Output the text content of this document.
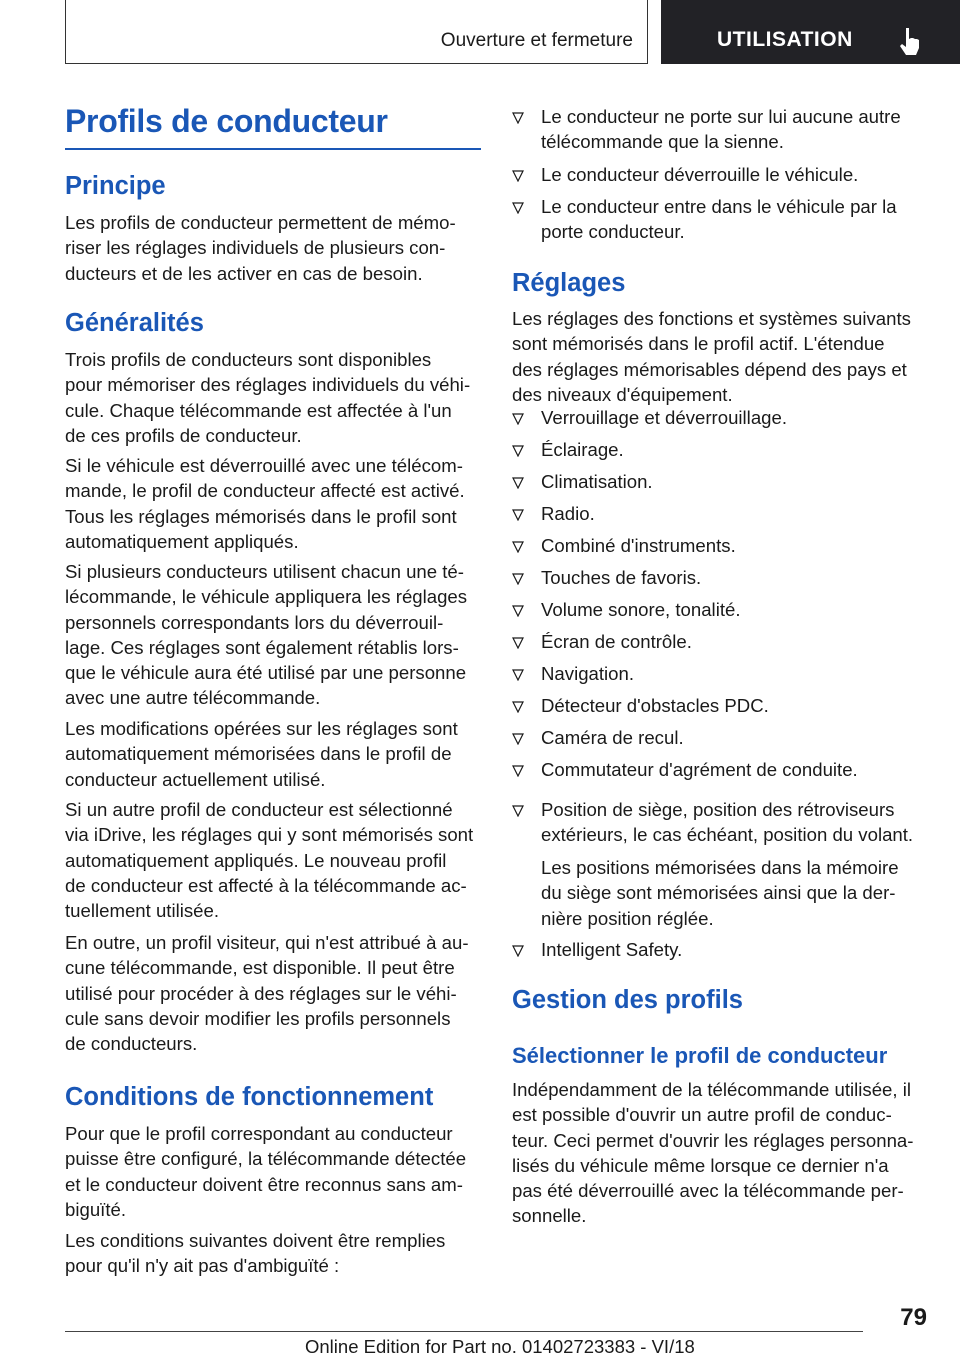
Ouverture et fermeture	UTILISATION
Profils de conducteur
Principe

Les profils de conducteur permettent de mémo‐
riser les réglages individuels de plusieurs con‐
ducteurs et de les activer en cas de besoin.

Généralités

Trois profils de conducteurs sont disponibles
pour mémoriser des réglages individuels du véhi‐
cule. Chaque télécommande est affectée à l'un
de ces profils de conducteur.

Si le véhicule est déverrouillé avec une télécom‐
mande, le profil de conducteur affecté est activé.
Tous les réglages mémorisés dans le profil sont
automatiquement appliqués.

Si plusieurs conducteurs utilisent chacun une té‐
lécommande, le véhicule appliquera les réglages
personnels correspondants lors du déverrouil‐
lage. Ces réglages sont également rétablis lors‐
que le véhicule aura été utilisé par une personne
avec une autre télécommande.

Les modifications opérées sur les réglages sont
automatiquement mémorisées dans le profil de
conducteur actuellement utilisé.

Si un autre profil de conducteur est sélectionné
via iDrive, les réglages qui y sont mémorisés sont
automatiquement appliqués. Le nouveau profil
de conducteur est affecté à la télécommande ac‐
tuellement utilisée.

En outre, un profil visiteur, qui n'est attribué à au‐
cune télécommande, est disponible. Il peut être
utilisé pour procéder à des réglages sur le véhi‐
cule sans devoir modifier les profils personnels
de conducteurs.

Conditions de fonctionnement

Pour que le profil correspondant au conducteur
puisse être configuré, la télécommande détectée
et le conducteur doivent être reconnus sans am‐
biguïté.

Les conditions suivantes doivent être remplies
pour qu'il n'y ait pas d'ambiguïté :

Le conducteur ne porte sur lui aucune autre
télécommande que la sienne.
Le conducteur déverrouille le véhicule.
Le conducteur entre dans le véhicule par la
porte conducteur.
Réglages

Les réglages des fonctions et systèmes suivants
sont mémorisés dans le profil actif. L'étendue
des réglages mémorisables dépend des pays et
des niveaux d'équipement.

Verrouillage et déverrouillage.
Éclairage.
Climatisation.
Radio.
Combiné d'instruments.
Touches de favoris.
Volume sonore, tonalité.
Écran de contrôle.
Navigation.
Détecteur d'obstacles PDC.
Caméra de recul.
Commutateur d'agrément de conduite.
Position de siège, position des rétroviseurs
extérieurs, le cas échéant, position du volant.
Les positions mémorisées dans la mémoire
du siège sont mémorisées ainsi que la der‐
nière position réglée.
Intelligent Safety.
Gestion des profils
Sélectionner le profil de conducteur

Indépendamment de la télécommande utilisée, il
est possible d'ouvrir un autre profil de conduc‐
teur. Ceci permet d'ouvrir les réglages personna‐
lisés du véhicule même lorsque ce dernier n'a
pas été déverrouillé avec la télécommande per‐
sonnelle.

79
Online Edition for Part no. 01402723383 - VI/18
